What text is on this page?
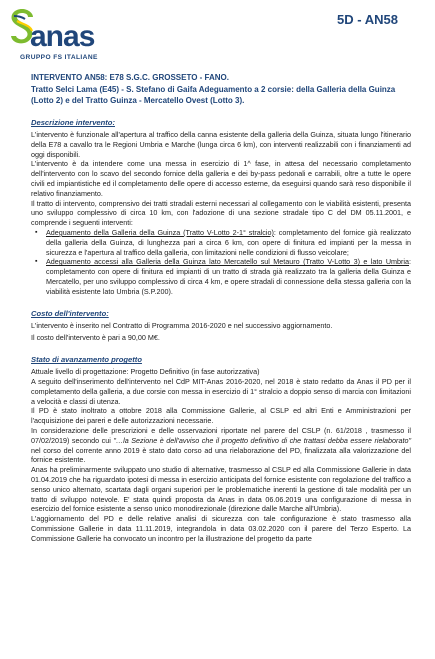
anas
GRUPPO FS ITALIANE
5D - AN58
INTERVENTO AN58: E78 S.G.C. GROSSETO - FANO.
Tratto Selci Lama (E45) - S. Stefano di Gaifa Adeguamento a 2 corsie: della Galleria della Guinza (Lotto 2) e del Tratto Guinza - Mercatello Ovest (Lotto 3).
Descrizione intervento:
L'intervento è funzionale all'apertura al traffico della canna esistente della galleria della Guinza, situata lungo l'itinerario della E78 a cavallo tra le Regioni Umbria e Marche (lunga circa 6 km), con interventi realizzabili con i finanziamenti ad oggi disponibili.
L'intervento è da intendere come una messa in esercizio di 1^ fase, in attesa del necessario completamento dell'intervento con lo scavo del secondo fornice della galleria e dei by-pass pedonali e carrabili, oltre a tutte le opere civili ed impiantistiche ed il completamento delle opere di accesso esterne, da eseguirsi quando sarà reso disponibile il relativo finanziamento.
Il tratto di intervento, comprensivo dei tratti stradali esterni necessari al collegamento con le viabilità esistenti, presenta uno sviluppo complessivo di circa 10 km, con l'adozione di una sezione stradale tipo C del DM 05.11.2001, e comprende i seguenti interventi:
▪ Adeguamento della Galleria della Guinza (Tratto V-Lotto 2-1° stralcio): completamento del fornice già realizzato della galleria della Guinza, di lunghezza pari a circa 6 km, con opere di finitura ed impianti per la messa in sicurezza e l'apertura al traffico della galleria, con limitazioni nelle condizioni di flusso veicolare;
▪ Adeguamento accessi alla Galleria della Guinza lato Mercatello sul Metauro (Tratto V-Lotto 3) e lato Umbria: completamento con opere di finitura ed impianti di un tratto di strada già realizzato tra la galleria della Guinza e Mercatello, per uno sviluppo complessivo di circa 4 km, e opere stradali di connessione della stessa galleria con la viabilità esistente lato Umbria (S.P.200).
Costo dell'intervento:
L'intervento è inserito nel Contratto di Programma 2016-2020 e nel successivo aggiornamento.
Il costo dell'intervento è pari a 90,00 M€.
Stato di avanzamento progetto
Attuale livello di progettazione: Progetto Definitivo (in fase autorizzativa)
A seguito dell'inserimento dell'intervento nel CdP MIT-Anas 2016-2020, nel 2018 è stato redatto da Anas il PD per il completamento della galleria, a due corsie con messa in esercizio di 1° stralcio a doppio senso di marcia con limitazioni a velocità e classi di utenza.
Il PD è stato inoltrato a ottobre 2018 alla Commissione Gallerie, al CSLP ed altri Enti e Amministrazioni per l'acquisizione dei pareri e delle autorizzazioni necessarie.
In considerazione delle prescrizioni e delle osservazioni riportate nel parere del CSLP (n. 61/2018 , trasmesso il 07/02/2019) secondo cui "…la Sezione è dell'avviso che il progetto definitivo di che trattasi debba essere rielaborato" nel corso del corrente anno 2019 è stato dato corso ad una rielaborazione del PD, finalizzata alla valorizzazione del fornice esistente.
Anas ha preliminarmente sviluppato uno studio di alternative, trasmesso al CSLP ed alla Commissione Gallerie in data 01.04.2019 che ha riguardato ipotesi di messa in esercizio anticipata del fornice esistente con regolazione del traffico a senso unico alternato, scartata dagli organi superiori per le problematiche inerenti la gestione di tale modalità per un tratto di sviluppo notevole. E' stata quindi proposta da Anas in data 06.06.2019 una configurazione di messa in esercizio del fornice esistente a senso unico monodirezionale (direzione dalle Marche all'Umbria).
L'aggiornamento del PD e delle relative analisi di sicurezza con tale configurazione è stato trasmesso alla Commissione Gallerie in data 11.11.2019, integrandola in data 03.02.2020 con il parere del Terzo Esperto. La Commissione Gallerie ha convocato un incontro per la illustrazione del progetto da parte
